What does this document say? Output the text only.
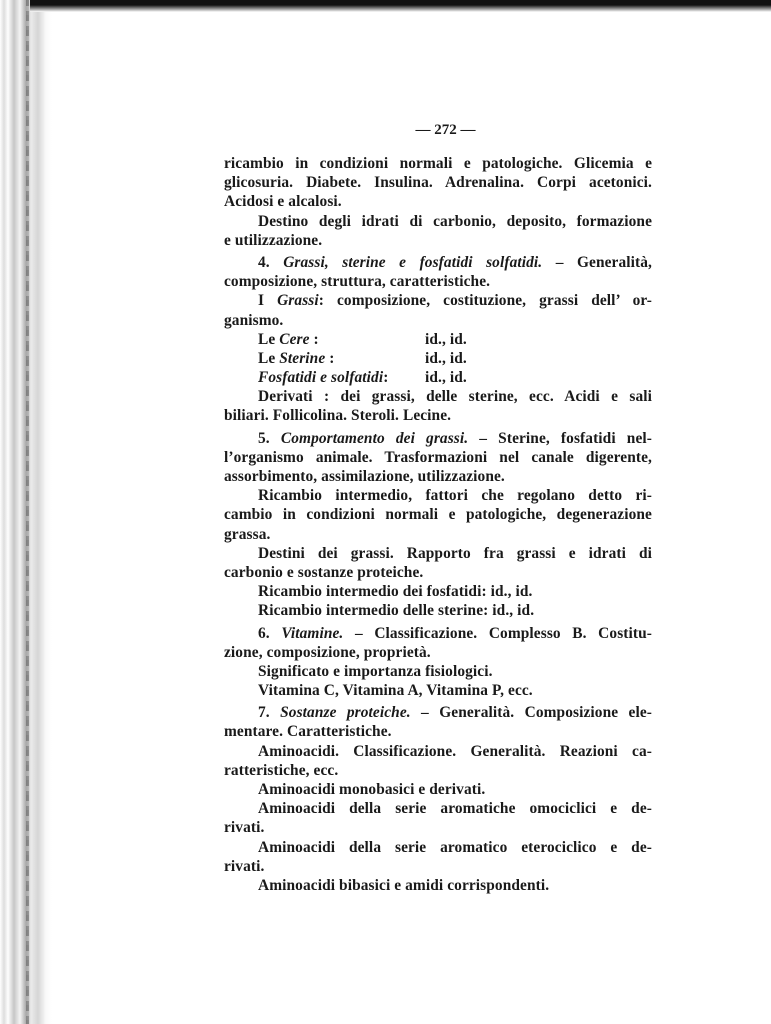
— 272 —
ricambio in condizioni normali e patologiche. Glicemia e
glicosuria. Diabete. Insulina. Adrenalina. Corpi acetonici.
Acidosi e alcalosi.
Destino degli idrati di carbonio, deposito, formazione
e utilizzazione.
4. Grassi, sterine e fosfatidi solfatidi. – Generalità,
composizione, struttura, caratteristiche.
I Grassi: composizione, costituzione, grassi dell’ or-
ganismo.
Le Cere :	id., id.
Le Sterine :	id., id.
Fosfatidi e solfatidi: id., id.
Derivati : dei grassi, delle sterine, ecc. Acidi e sali
biliari. Follicolina. Steroli. Lecine.
5. Comportamento dei grassi. – Sterine, fosfatidi nel-
l’organismo animale. Trasformazioni nel canale digerente,
assorbimento, assimilazione, utilizzazione.
Ricambio intermedio, fattori che regolano detto ri-
cambio in condizioni normali e patologiche, degenerazione
grassa.
Destini dei grassi. Rapporto fra grassi e idrati di
carbonio e sostanze proteiche.
Ricambio intermedio dei fosfatidi: id., id.
Ricambio intermedio delle sterine: id., id.
6. Vitamine. – Classificazione. Complesso B. Costitu-
zione, composizione, proprietà.
Significato e importanza fisiologici.
Vitamina C, Vitamina A, Vitamina P, ecc.
7. Sostanze proteiche. – Generalità. Composizione ele-
mentare. Caratteristiche.
Aminoacidi. Classificazione. Generalità. Reazioni ca-
ratteristiche, ecc.
Aminoacidi monobasici e derivati.
Aminoacidi della serie aromatiche omociclici e de-
rivati.
Aminoacidi della serie aromatico eterociclico e de-
rivati.
Aminoacidi bibasici e amidi corrispondenti.
